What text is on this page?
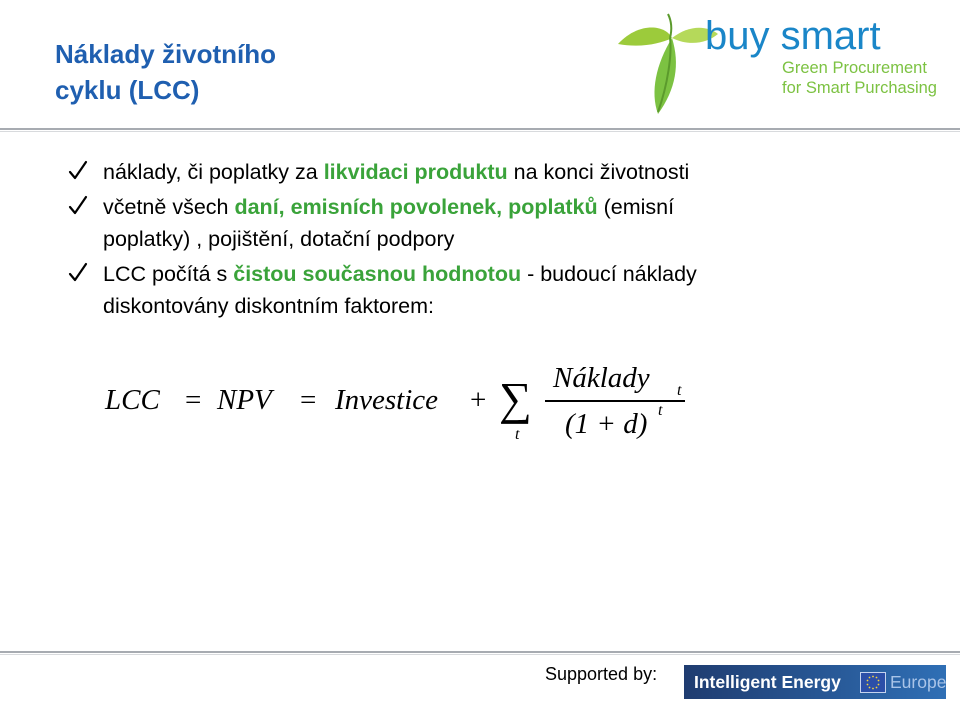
Náklady životního
cyklu (LCC)
buy smart
Green Procurement
for Smart Purchasing
náklady, či poplatky za likvidaci produktu na konci životnosti
včetně všech daní, emisních povolenek, poplatků (emisní
poplatky) , pojištění, dotační podpory
LCC počítá s čistou současnou hodnotou - budoucí náklady
diskontovány diskontním faktorem:
LCC = NPV = Investice + ∑
t
Náklady t
(1 + d) t
Supported by: Intelligent Energy	Europe
